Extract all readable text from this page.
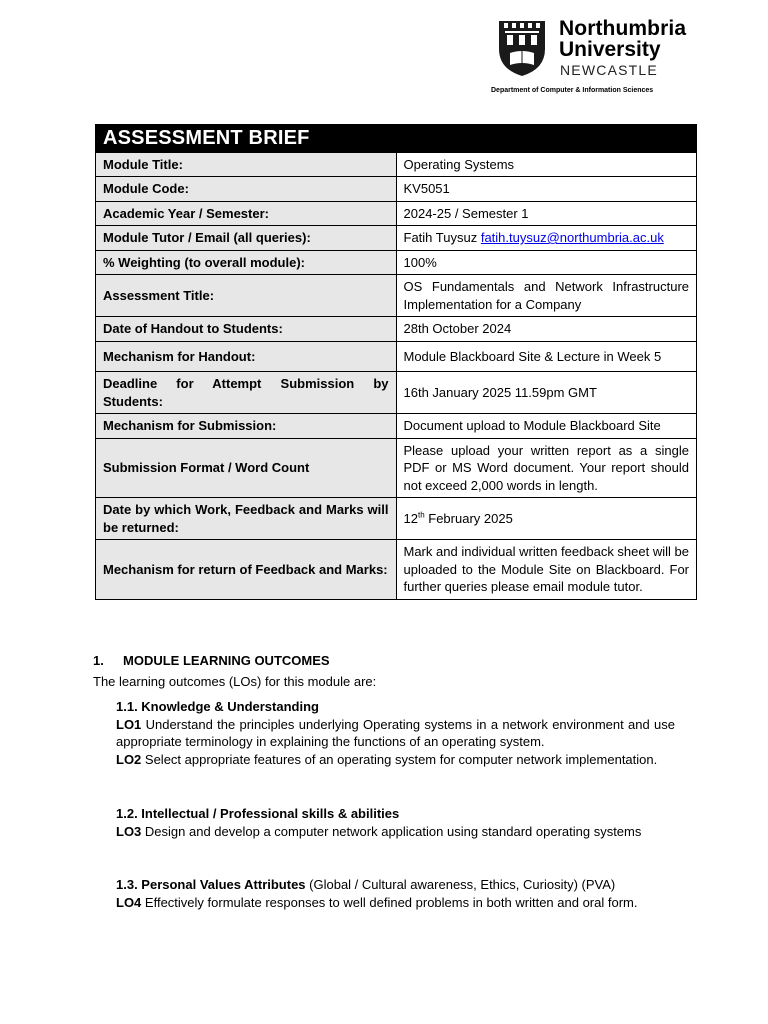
Northumbria
University
NEWCASTLE
Department of Computer & Information Sciences
ASSESSMENT BRIEF	
Module Title:	Operating Systems
Module Code:	KV5051
Academic Year / Semester:	2024-25 / Semester 1
Module Tutor / Email (all queries):	Fatih Tuysuz fatih.tuysuz@northumbria.ac.uk
% Weighting (to overall module):	100%
Assessment Title:	OS Fundamentals and Network Infrastructure Implementation for a Company
Date of Handout to Students:	28th October 2024
Mechanism for Handout:	Module Blackboard Site & Lecture in Week 5
Deadline for Attempt Submission by Students:	16th January 2025 11.59pm GMT
Mechanism for Submission:	Document upload to Module Blackboard Site
Submission Format / Word Count	Please upload your written report as a single PDF or MS Word document. Your report should not exceed 2,000 words in length.
Date by which Work, Feedback and Marks will be returned:	12th February 2025
Mechanism for return of Feedback and Marks:	Mark and individual written feedback sheet will be uploaded to the Module Site on Blackboard. For further queries please email module tutor.
1. MODULE LEARNING OUTCOMES
The learning outcomes (LOs) for this module are:
1.1. Knowledge & Understanding
LO1 Understand the principles underlying Operating systems in a network environment and use appropriate terminology in explaining the functions of an operating system.
LO2 Select appropriate features of an operating system for computer network implementation.
1.2. Intellectual / Professional skills & abilities
LO3 Design and develop a computer network application using standard operating systems
1.3. Personal Values Attributes (Global / Cultural awareness, Ethics, Curiosity) (PVA)
LO4 Effectively formulate responses to well defined problems in both written and oral form.
